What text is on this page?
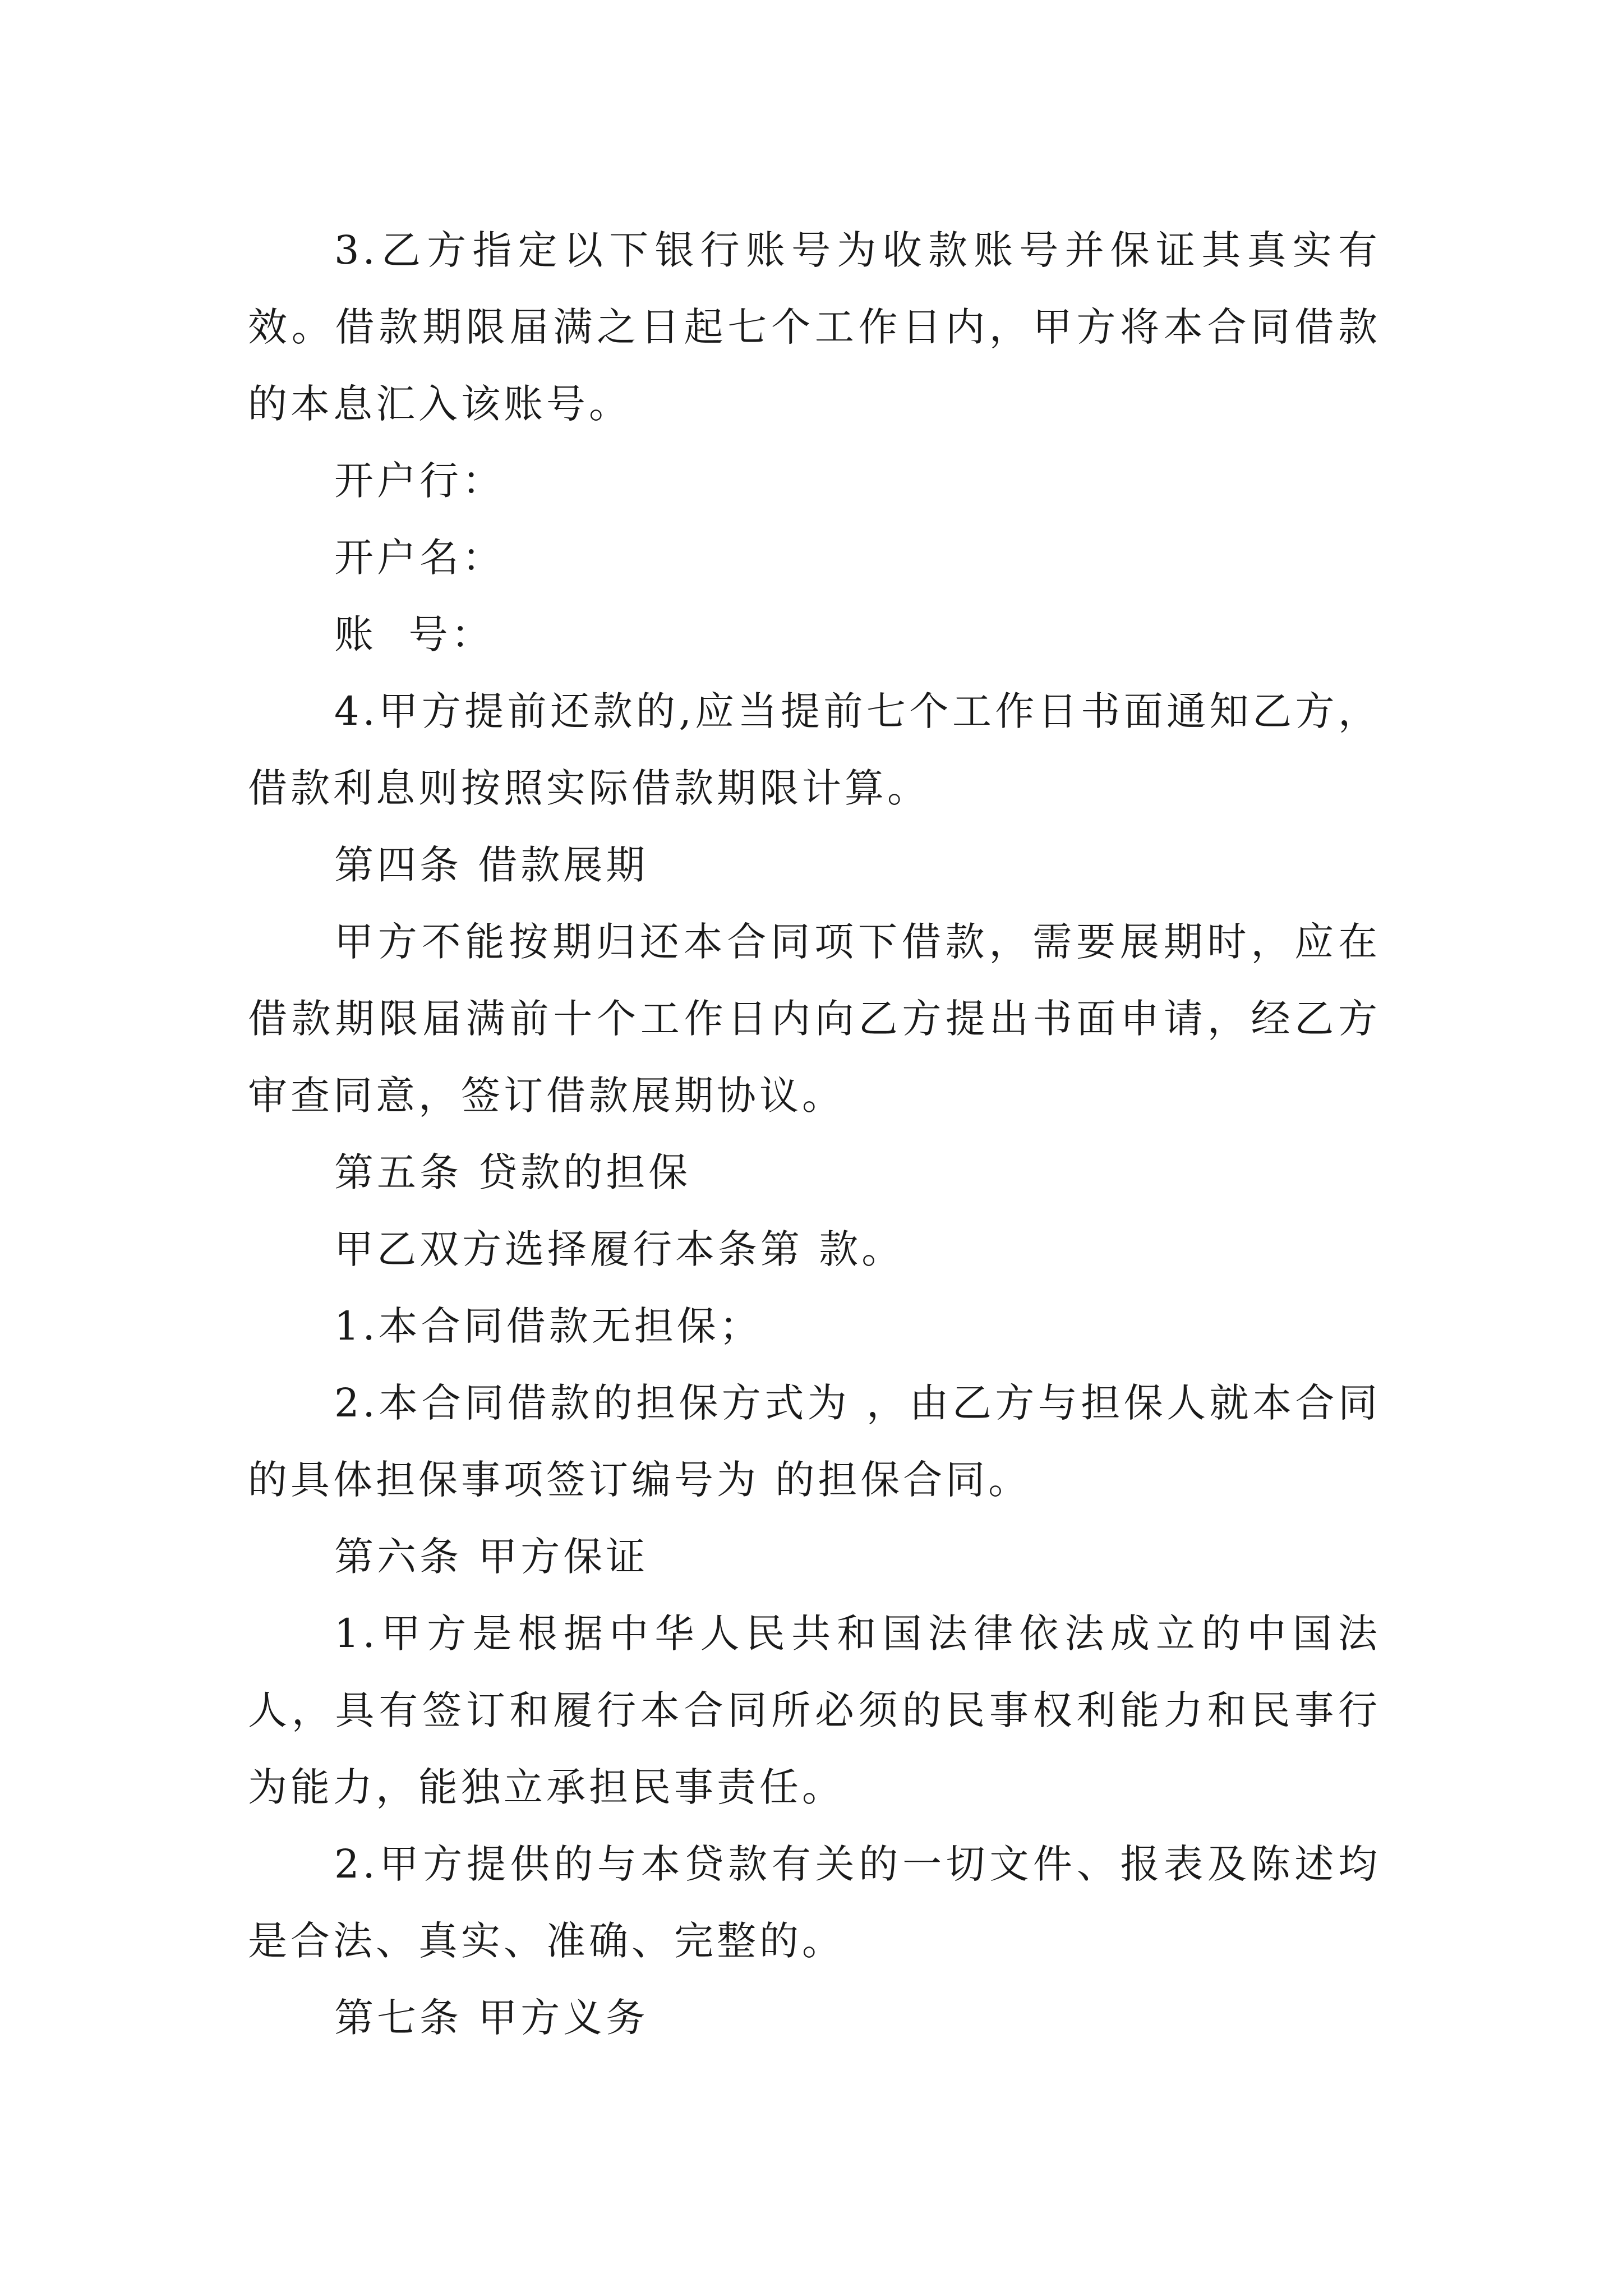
3.乙方指定以下银行账号为收款账号并保证其真实有效。借款期限届满之日起七个工作日内，甲方将本合同借款的本息汇入该账号。

开户行：

开户名：

账  号：

4.甲方提前还款的,应当提前七个工作日书面通知乙方，借款利息则按照实际借款期限计算。

第四条 借款展期

甲方不能按期归还本合同项下借款，需要展期时，应在借款期限届满前十个工作日内向乙方提出书面申请，经乙方审查同意，签订借款展期协议。

第五条 贷款的担保

甲乙双方选择履行本条第 款。

1.本合同借款无担保；

2.本合同借款的担保方式为 ，由乙方与担保人就本合同的具体担保事项签订编号为 的担保合同。

第六条 甲方保证

1.甲方是根据中华人民共和国法律依法成立的中国法人，具有签订和履行本合同所必须的民事权利能力和民事行为能力，能独立承担民事责任。

2.甲方提供的与本贷款有关的一切文件、报表及陈述均是合法、真实、准确、完整的。

第七条 甲方义务
